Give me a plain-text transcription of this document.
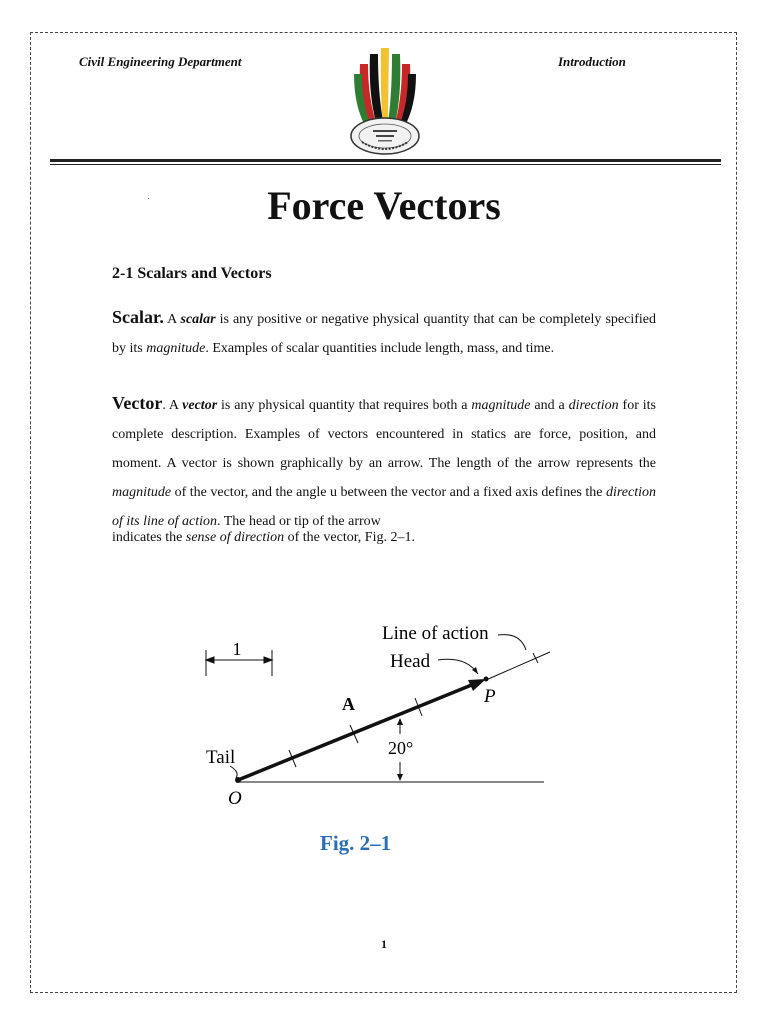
Civil Engineering Department	Introduction
Force Vectors
2-1 Scalars and Vectors
Scalar. A scalar is any positive or negative physical quantity that can be completely specified by its magnitude. Examples of scalar quantities include length, mass, and time.
Vector. A vector is any physical quantity that requires both a magnitude and a direction for its complete description. Examples of vectors encountered in statics are force, position, and moment. A vector is shown graphically by an arrow. The length of the arrow represents the magnitude of the vector, and the angle u between the vector and a fixed axis defines the direction of its line of action. The head or tip of the arrow
indicates the sense of direction of the vector, Fig. 2–1.
1
Line of action
Head
A	P
Tail
O
20°
Fig. 2–1
1
